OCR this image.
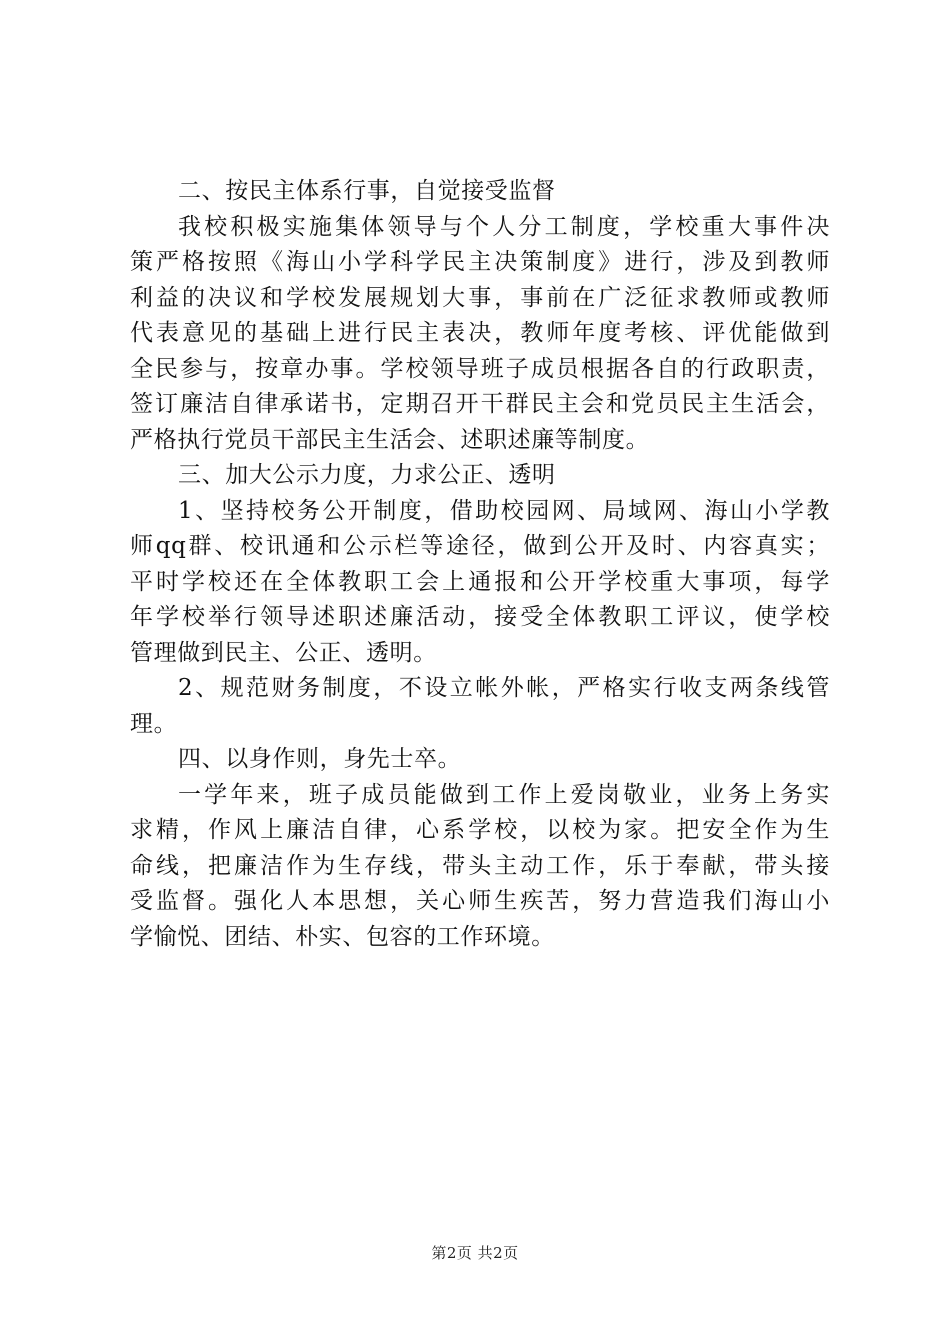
二、按民主体系行事，自觉接受监督
我校积极实施集体领导与个人分工制度，学校重大事件决
策严格按照《海山小学科学民主决策制度》进行，涉及到教师
利益的决议和学校发展规划大事，事前在广泛征求教师或教师
代表意见的基础上进行民主表决，教师年度考核、评优能做到
全民参与，按章办事。学校领导班子成员根据各自的行政职责，
签订廉洁自律承诺书，定期召开干群民主会和党员民主生活会，
严格执行党员干部民主生活会、述职述廉等制度。
三、加大公示力度，力求公正、透明
1、坚持校务公开制度，借助校园网、局域网、海山小学教
师qq群、校讯通和公示栏等途径，做到公开及时、内容真实；
平时学校还在全体教职工会上通报和公开学校重大事项，每学
年学校举行领导述职述廉活动，接受全体教职工评议，使学校
管理做到民主、公正、透明。
2、规范财务制度，不设立帐外帐，严格实行收支两条线管
理。
四、以身作则，身先士卒。
一学年来，班子成员能做到工作上爱岗敬业，业务上务实
求精，作风上廉洁自律，心系学校，以校为家。把安全作为生
命线，把廉洁作为生存线，带头主动工作，乐于奉献，带头接
受监督。强化人本思想，关心师生疾苦，努力营造我们海山小
学愉悦、团结、朴实、包容的工作环境。
第2页 共2页
